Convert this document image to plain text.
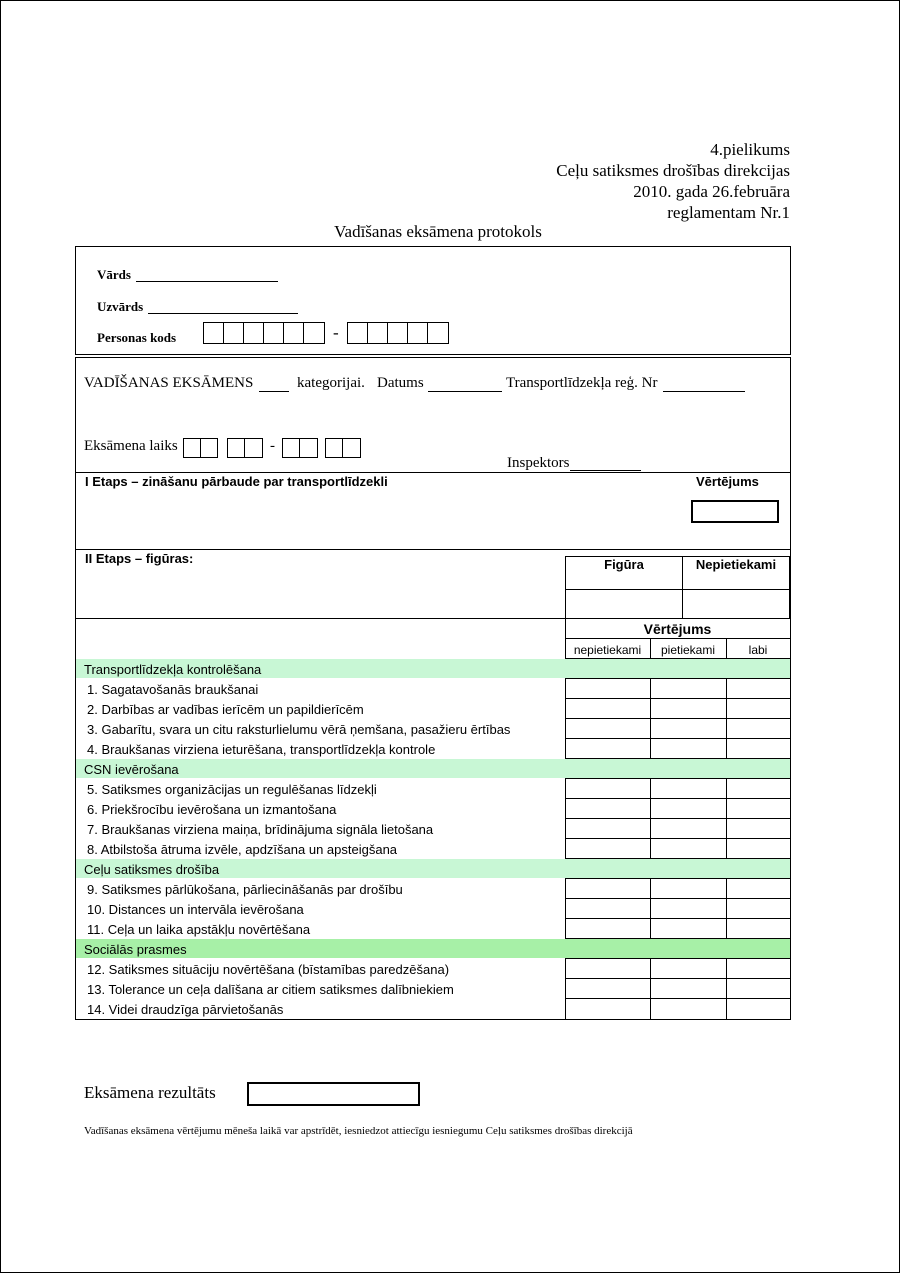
4.pielikums
Ceļu satiksmes drošības direkcijas
2010. gada 26.februāra
reglamentam Nr.1
Vadīšanas eksāmena protokols
Vārds
Uzvārds
Personas kods	-
VADĪŠANAS EKSĀMENS	kategorijai. Datums	Transportlīdzekļa reģ. Nr
Eksāmena laiks	-
Inspektors
I Etaps – zināšanu pārbaude par transportlīdzekli	Vērtējums
II Etaps – figūras:	Figūra	Nepietiekami
Vērtējums
nepietiekami	pietiekami	labi
Transportlīdzekļa kontrolēšana
1. Sagatavošanās braukšanai
2. Darbības ar vadības ierīcēm un papildierīcēm
3. Gabarītu, svara un citu raksturlielumu vērā ņemšana, pasažieru ērtības
4. Braukšanas virziena ieturēšana, transportlīdzekļa kontrole
CSN ievērošana
5. Satiksmes organizācijas un regulēšanas līdzekļi
6. Priekšrocību ievērošana un izmantošana
7. Braukšanas virziena maiņa, brīdinājuma signāla lietošana
8. Atbilstoša ātruma izvēle, apdzīšana un apsteigšana
Ceļu satiksmes drošība
9. Satiksmes pārlūkošana, pārliecināšanās par drošību
10. Distances un intervāla ievērošana
11. Ceļa un laika apstākļu novērtēšana
Sociālās prasmes
12. Satiksmes situāciju novērtēšana (bīstamības paredzēšana)
13. Tolerance un ceļa dalīšana ar citiem satiksmes dalībniekiem
14. Videi draudzīga pārvietošanās
Eksāmena rezultāts
Vadīšanas eksāmena vērtējumu mēneša laikā var apstrīdēt, iesniedzot attiecīgu iesniegumu Ceļu satiksmes drošības direkcijā
